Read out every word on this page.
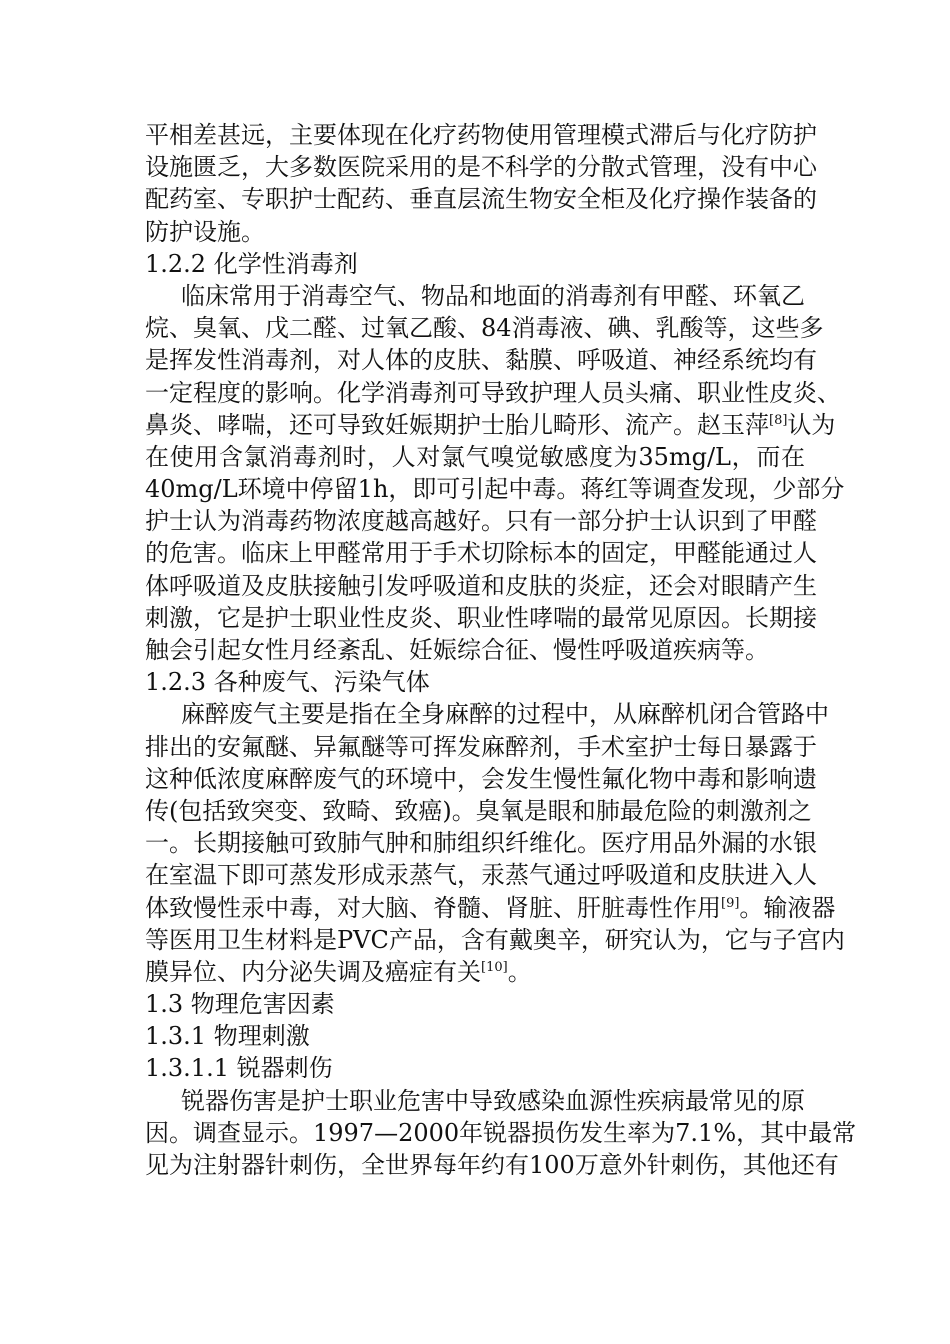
平相差甚远，主要体现在化疗药物使用管理模式滞后与化疗防护
设施匮乏，大多数医院采用的是不科学的分散式管理，没有中心
配药室、专职护士配药、垂直层流生物安全柜及化疗操作装备的
防护设施。
1.2.2 化学性消毒剂
临床常用于消毒空气、物品和地面的消毒剂有甲醛、环氧乙
烷、臭氧、戊二醛、过氧乙酸、84消毒液、碘、乳酸等，这些多
是挥发性消毒剂，对人体的皮肤、黏膜、呼吸道、神经系统均有
一定程度的影响。化学消毒剂可导致护理人员头痛、职业性皮炎、
鼻炎、哮喘，还可导致妊娠期护士胎儿畸形、流产。赵玉萍[8]认为
在使用含氯消毒剂时，人对氯气嗅觉敏感度为35mg/L，而在
40mg/L环境中停留1h，即可引起中毒。蒋红等调查发现，少部分
护士认为消毒药物浓度越高越好。只有一部分护士认识到了甲醛
的危害。临床上甲醛常用于手术切除标本的固定，甲醛能通过人
体呼吸道及皮肤接触引发呼吸道和皮肤的炎症，还会对眼睛产生
刺激，它是护士职业性皮炎、职业性哮喘的最常见原因。长期接
触会引起女性月经紊乱、妊娠综合征、慢性呼吸道疾病等。
1.2.3 各种废气、污染气体
麻醉废气主要是指在全身麻醉的过程中，从麻醉机闭合管路中
排出的安氟醚、异氟醚等可挥发麻醉剂，手术室护士每日暴露于
这种低浓度麻醉废气的环境中，会发生慢性氟化物中毒和影响遗
传(包括致突变、致畸、致癌)。臭氧是眼和肺最危险的刺激剂之
一。长期接触可致肺气肿和肺组织纤维化。医疗用品外漏的水银
在室温下即可蒸发形成汞蒸气，汞蒸气通过呼吸道和皮肤进入人
体致慢性汞中毒，对大脑、脊髓、肾脏、肝脏毒性作用[9]。输液器
等医用卫生材料是PVC产品，含有戴奥辛，研究认为，它与子宫内
膜异位、内分泌失调及癌症有关[10]。
1.3 物理危害因素
1.3.1 物理刺激
1.3.1.1 锐器刺伤
锐器伤害是护士职业危害中导致感染血源性疾病最常见的原
因。调查显示。1997—2000年锐器损伤发生率为7.1%，其中最常
见为注射器针刺伤，全世界每年约有100万意外针刺伤，其他还有
